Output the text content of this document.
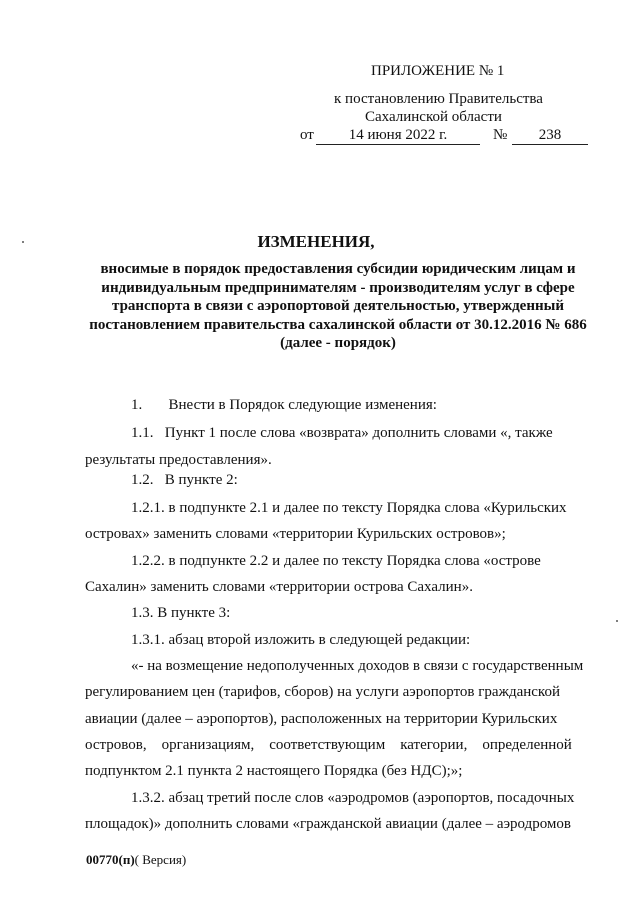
ПРИЛОЖЕНИЕ № 1
к постановлению Правительства
Сахалинской области
от	14 июня 2022 г.	№	238
ИЗМЕНЕНИЯ,
вносимые в порядок предоставления субсидии юридическим лицам и
индивидуальным предпринимателям - производителям услуг в сфере
транспорта в связи с аэропортовой деятельностью, утвержденный
постановлением правительства сахалинской области от 30.12.2016 № 686
(далее - порядок)
1.       Внести в Порядок следующие изменения:
1.1.   Пункт 1 после слова «возврата» дополнить словами «, также
результаты предоставления».
1.2.   В пункте 2:
1.2.1. в подпункте 2.1 и далее по тексту Порядка слова «Курильских
островах» заменить словами «территории Курильских островов»;
1.2.2. в подпункте 2.2 и далее по тексту Порядка слова «острове
Сахалин» заменить словами «территории острова Сахалин».
1.3. В пункте 3:
1.3.1. абзац второй изложить в следующей редакции:
«- на возмещение недополученных доходов в связи с государственным
регулированием цен (тарифов, сборов) на услуги аэропортов гражданской
авиации (далее – аэропортов), расположенных на территории Курильских
островов,    организациям,    соответствующим    категории,    определенной
подпунктом 2.1 пункта 2 настоящего Порядка (без НДС);»;
1.3.2. абзац третий после слов «аэродромов (аэропортов, посадочных
площадок)» дополнить словами «гражданской авиации (далее – аэродромов
00770(п)( Версия)
